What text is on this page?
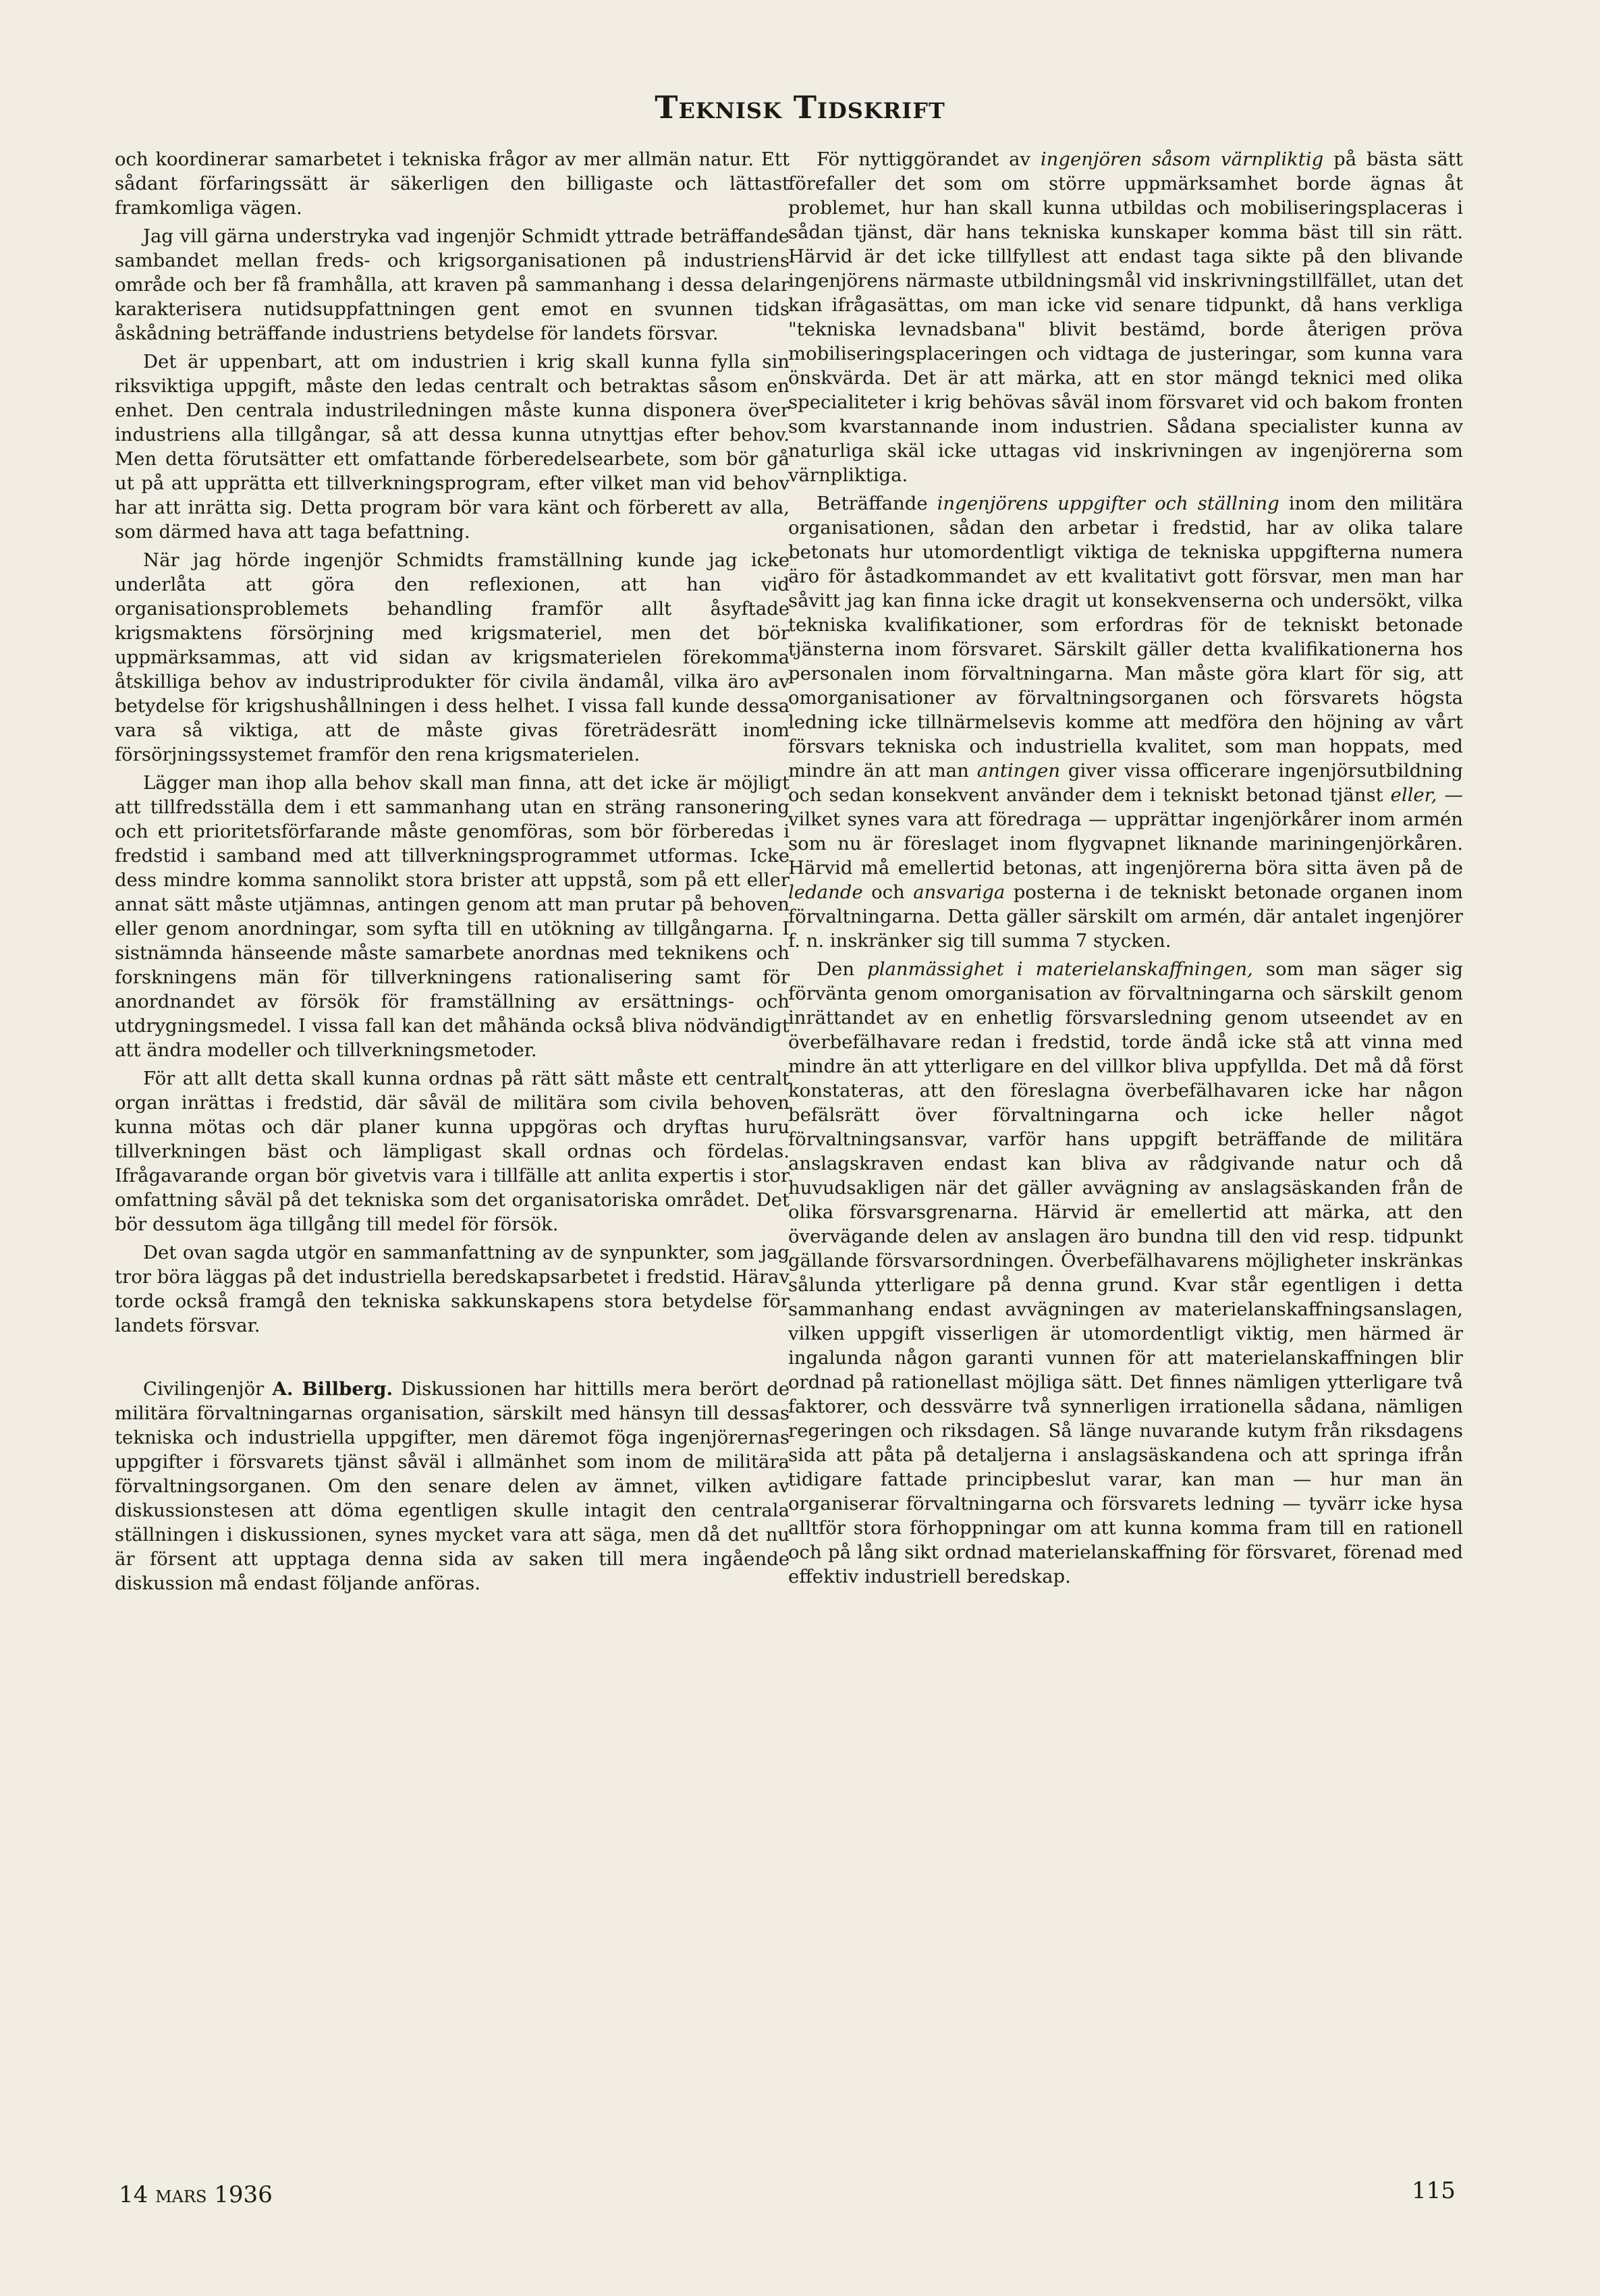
Teknisk Tidskrift

och koordinerar samarbetet i tekniska frågor av mer allmän natur. Ett sådant förfaringssätt är säkerligen den billigaste och lättast framkomliga vägen.

Jag vill gärna understryka vad ingenjör Schmidt yttrade beträffande sambandet mellan freds- och krigsorganisationen på industriens område och ber få framhålla, att kraven på sammanhang i dessa delar karakterisera nutidsuppfattningen gent emot en svunnen tids åskådning beträffande industriens betydelse för landets försvar.

Det är uppenbart, att om industrien i krig skall kunna fylla sin riksviktiga uppgift, måste den ledas centralt och betraktas såsom en enhet. Den centrala industriledningen måste kunna disponera över industriens alla tillgångar, så att dessa kunna utnyttjas efter behov. Men detta förutsätter ett omfattande förberedelsearbete, som bör gå ut på att upprätta ett tillverkningsprogram, efter vilket man vid behov har att inrätta sig. Detta program bör vara känt och förberett av alla, som därmed hava att taga befattning.

När jag hörde ingenjör Schmidts framställning kunde jag icke underlåta att göra den reflexionen, att han vid organisationsproblemets behandling framför allt åsyftade krigsmaktens försörjning med krigsmateriel, men det bör uppmärksammas, att vid sidan av krigsmaterielen förekomma åtskilliga behov av industriprodukter för civila ändamål, vilka äro av betydelse för krigshushållningen i dess helhet. I vissa fall kunde dessa vara så viktiga, att de måste givas företrädesrätt inom försörjningssystemet framför den rena krigsmaterielen.

Lägger man ihop alla behov skall man finna, att det icke är möjligt att tillfredsställa dem i ett sammanhang utan en sträng ransonering och ett prioritetsförfarande måste genomföras, som bör förberedas i fredstid i samband med att tillverkningsprogrammet utformas. Icke dess mindre komma sannolikt stora brister att uppstå, som på ett eller annat sätt måste utjämnas, antingen genom att man prutar på behoven eller genom anordningar, som syfta till en utökning av tillgångarna. I sistnämnda hänseende måste samarbete anordnas med teknikens och forskningens män för tillverkningens rationalisering samt för anordnandet av försök för framställning av ersättnings- och utdrygningsmedel. I vissa fall kan det måhända också bliva nödvändigt att ändra modeller och tillverkningsmetoder.

För att allt detta skall kunna ordnas på rätt sätt måste ett centralt organ inrättas i fredstid, där såväl de militära som civila behoven kunna mötas och där planer kunna uppgöras och dryftas huru tillverkningen bäst och lämpligast skall ordnas och fördelas. Ifrågavarande organ bör givetvis vara i tillfälle att anlita expertis i stor omfattning såväl på det tekniska som det organisatoriska området. Det bör dessutom äga tillgång till medel för försök.

Det ovan sagda utgör en sammanfattning av de synpunkter, som jag tror böra läggas på det industriella beredskapsarbetet i fredstid. Härav torde också framgå den tekniska sakkunskapens stora betydelse för landets försvar.

Civilingenjör A. Billberg. Diskussionen har hittills mera berört de militära förvaltningarnas organisation, särskilt med hänsyn till dessas tekniska och industriella uppgifter, men däremot föga ingenjörernas uppgifter i försvarets tjänst såväl i allmänhet som inom de militära förvaltningsorganen. Om den senare delen av ämnet, vilken av diskussionstesen att döma egentligen skulle intagit den centrala ställningen i diskussionen, synes mycket vara att säga, men då det nu är försent att upptaga denna sida av saken till mera ingående diskussion må endast följande anföras.

För nyttiggörandet av ingenjören såsom värnpliktig på bästa sätt förefaller det som om större uppmärksamhet borde ägnas åt problemet, hur han skall kunna utbildas och mobiliseringsplaceras i sådan tjänst, där hans tekniska kunskaper komma bäst till sin rätt. Härvid är det icke tillfyllest att endast taga sikte på den blivande ingenjörens närmaste utbildningsmål vid inskrivningstillfället, utan det kan ifrågasättas, om man icke vid senare tidpunkt, då hans verkliga "tekniska levnadsbana" blivit bestämd, borde återigen pröva mobiliseringsplaceringen och vidtaga de justeringar, som kunna vara önskvärda. Det är att märka, att en stor mängd teknici med olika specialiteter i krig behövas såväl inom försvaret vid och bakom fronten som kvarstannande inom industrien. Sådana specialister kunna av naturliga skäl icke uttagas vid inskrivningen av ingenjörerna som värnpliktiga.

Beträffande ingenjörens uppgifter och ställning inom den militära organisationen, sådan den arbetar i fredstid, har av olika talare betonats hur utomordentligt viktiga de tekniska uppgifterna numera äro för åstadkommandet av ett kvalitativt gott försvar, men man har såvitt jag kan finna icke dragit ut konsekvenserna och undersökt, vilka tekniska kvalifikationer, som erfordras för de tekniskt betonade tjänsterna inom försvaret. Särskilt gäller detta kvalifikationerna hos personalen inom förvaltningarna. Man måste göra klart för sig, att omorganisationer av förvaltningsorganen och försvarets högsta ledning icke tillnärmelsevis komme att medföra den höjning av vårt försvars tekniska och industriella kvalitet, som man hoppats, med mindre än att man antingen giver vissa officerare ingenjörsutbildning och sedan konsekvent använder dem i tekniskt betonad tjänst eller, — vilket synes vara att föredraga — upprättar ingenjörkårer inom armén som nu är föreslaget inom flygvapnet liknande mariningenjörkåren. Härvid må emellertid betonas, att ingenjörerna böra sitta även på de ledande och ansvariga posterna i de tekniskt betonade organen inom förvaltningarna. Detta gäller särskilt om armén, där antalet ingenjörer f. n. inskränker sig till summa 7 stycken.

Den planmässighet i materielanskaffningen, som man säger sig förvänta genom omorganisation av förvaltningarna och särskilt genom inrättandet av en enhetlig försvarsledning genom utseendet av en överbefälhavare redan i fredstid, torde ändå icke stå att vinna med mindre än att ytterligare en del villkor bliva uppfyllda. Det må då först konstateras, att den föreslagna överbefälhavaren icke har någon befälsrätt över förvaltningarna och icke heller något förvaltningsansvar, varför hans uppgift beträffande de militära anslagskraven endast kan bliva av rådgivande natur och då huvudsakligen när det gäller avvägning av anslagsäskanden från de olika försvarsgrenarna. Härvid är emellertid att märka, att den övervägande delen av anslagen äro bundna till den vid resp. tidpunkt gällande försvarsordningen. Överbefälhavarens möjligheter inskränkas sålunda ytterligare på denna grund. Kvar står egentligen i detta sammanhang endast avvägningen av materielanskaffningsanslagen, vilken uppgift visserligen är utomordentligt viktig, men härmed är ingalunda någon garanti vunnen för att materielanskaffningen blir ordnad på rationellast möjliga sätt. Det finnes nämligen ytterligare två faktorer, och dessvärre två synnerligen irrationella sådana, nämligen regeringen och riksdagen. Så länge nuvarande kutym från riksdagens sida att påta på detaljerna i anslagsäskandena och att springa ifrån tidigare fattade principbeslut varar, kan man — hur man än organiserar förvaltningarna och försvarets ledning — tyvärr icke hysa alltför stora förhoppningar om att kunna komma fram till en rationell och på lång sikt ordnad materielanskaffning för försvaret, förenad med effektiv industriell beredskap.

14 mars 1936	115
